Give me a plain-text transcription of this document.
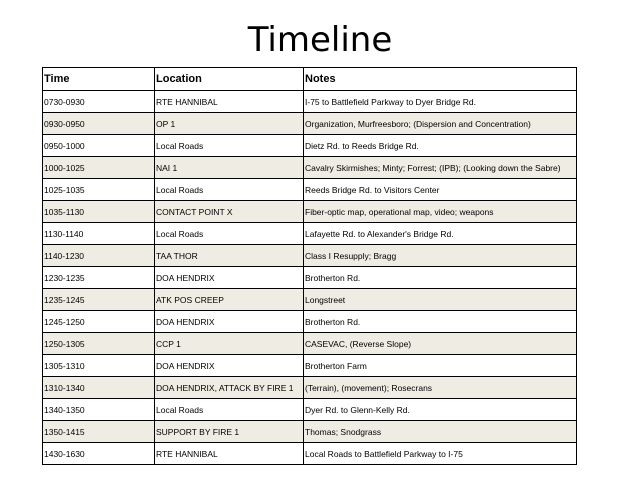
Timeline
Time	Location	Notes
0730-0930	RTE HANNIBAL	I-75 to Battlefield Parkway to Dyer Bridge Rd.
0930-0950	OP 1	Organization, Murfreesboro; (Dispersion and Concentration)
0950-1000	Local Roads	Dietz Rd. to Reeds Bridge Rd.
1000-1025	NAI 1	Cavalry Skirmishes; Minty; Forrest; (IPB); (Looking down the Sabre)
1025-1035	Local Roads	Reeds Bridge Rd. to Visitors Center
1035-1130	CONTACT POINT X	Fiber-optic map, operational map, video; weapons
1130-1140	Local Roads	Lafayette Rd. to Alexander's Bridge Rd.
1140-1230	TAA THOR	Class I Resupply; Bragg
1230-1235	DOA HENDRIX	Brotherton Rd.
1235-1245	ATK POS CREEP	Longstreet
1245-1250	DOA HENDRIX	Brotherton Rd.
1250-1305	CCP 1	CASEVAC, (Reverse Slope)
1305-1310	DOA HENDRIX	Brotherton Farm
1310-1340	DOA HENDRIX, ATTACK BY FIRE 1	(Terrain), (movement); Rosecrans
1340-1350	Local Roads	Dyer Rd. to Glenn-Kelly Rd.
1350-1415	SUPPORT BY FIRE 1	Thomas; Snodgrass
1430-1630	RTE HANNIBAL	Local Roads to Battlefield Parkway to I-75
